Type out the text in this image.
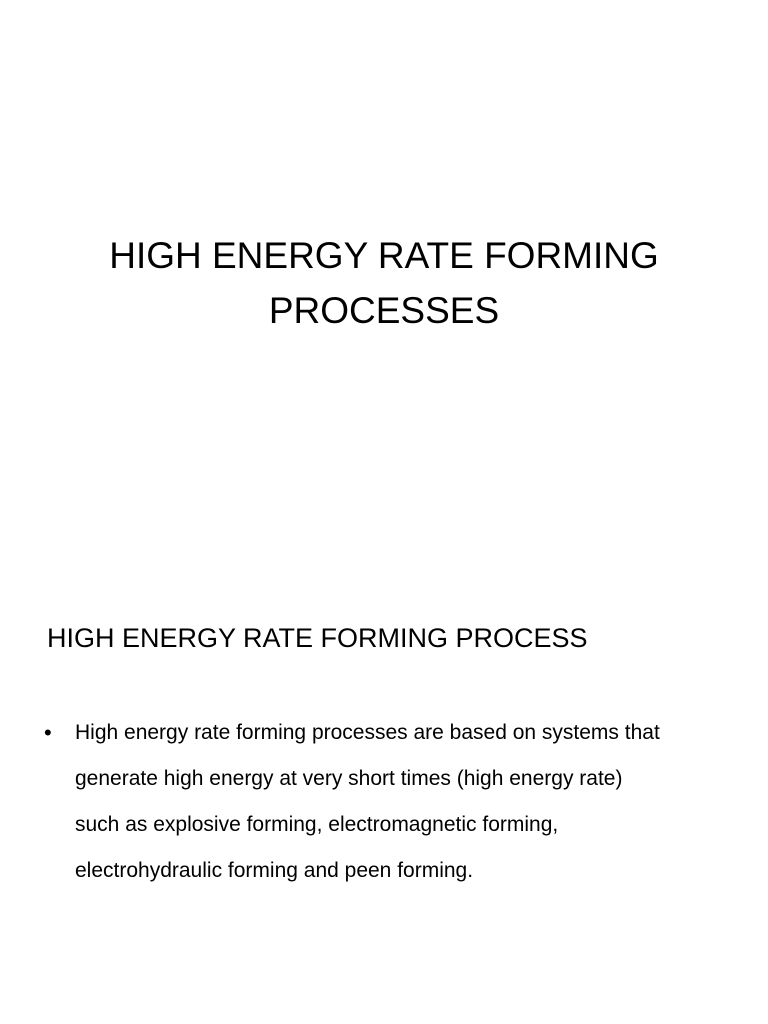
HIGH ENERGY RATE FORMING
PROCESSES
HIGH ENERGY RATE FORMING PROCESS
• High energy rate forming processes are based on systems that
generate high energy at very short times (high energy rate)
such as explosive forming, electromagnetic forming,
electrohydraulic forming and peen forming.
